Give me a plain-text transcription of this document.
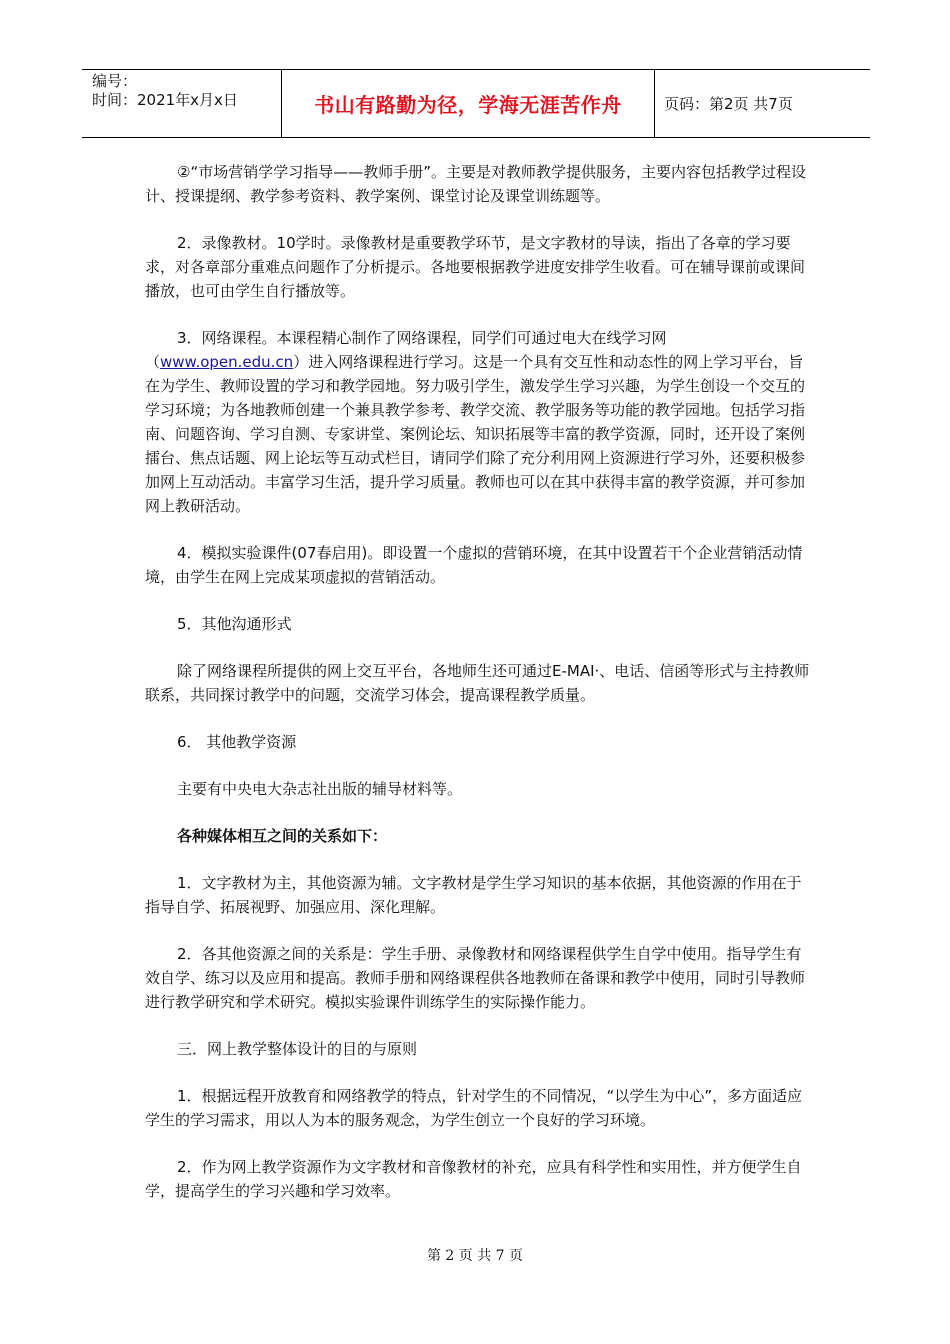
编号：
时间：2021年x月x日	书山有路勤为径，学海无涯苦作舟	页码：第2页 共7页

②“市场营销学学习指导——教师手册”。主要是对教师教学提供服务，主要内容包括教学过程设计、授课提纲、教学参考资料、教学案例、课堂讨论及课堂训练题等。

2．录像教材。10学时。录像教材是重要教学环节，是文字教材的导读，指出了各章的学习要求，对各章部分重难点问题作了分析提示。各地要根据教学进度安排学生收看。可在辅导课前或课间播放，也可由学生自行播放等。

3．网络课程。本课程精心制作了网络课程，同学们可通过电大在线学习网（www.open.edu.cn）进入网络课程进行学习。这是一个具有交互性和动态性的网上学习平台，旨在为学生、教师设置的学习和教学园地。努力吸引学生，激发学生学习兴趣，为学生创设一个交互的学习环境；为各地教师创建一个兼具教学参考、教学交流、教学服务等功能的教学园地。包括学习指南、问题咨询、学习自测、专家讲堂、案例论坛、知识拓展等丰富的教学资源，同时，还开设了案例擂台、焦点话题、网上论坛等互动式栏目，请同学们除了充分利用网上资源进行学习外，还要积极参加网上互动活动。丰富学习生活，提升学习质量。教师也可以在其中获得丰富的教学资源，并可参加网上教研活动。

4．模拟实验课件(07春启用)。即设置一个虚拟的营销环境，在其中设置若干个企业营销活动情境，由学生在网上完成某项虚拟的营销活动。

5．其他沟通形式

除了网络课程所提供的网上交互平台，各地师生还可通过E-MAI·、电话、信函等形式与主持教师联系，共同探讨教学中的问题，交流学习体会，提高课程教学质量。

6． 其他教学资源

主要有中央电大杂志社出版的辅导材料等。

各种媒体相互之间的关系如下：

1．文字教材为主，其他资源为辅。文字教材是学生学习知识的基本依据，其他资源的作用在于指导自学、拓展视野、加强应用、深化理解。

2．各其他资源之间的关系是：学生手册、录像教材和网络课程供学生自学中使用。指导学生有效自学、练习以及应用和提高。教师手册和网络课程供各地教师在备课和教学中使用，同时引导教师进行教学研究和学术研究。模拟实验课件训练学生的实际操作能力。

三．网上教学整体设计的目的与原则

1．根据远程开放教育和网络教学的特点，针对学生的不同情况，“以学生为中心”，多方面适应学生的学习需求，用以人为本的服务观念，为学生创立一个良好的学习环境。

2．作为网上教学资源作为文字教材和音像教材的补充，应具有科学性和实用性，并方便学生自学，提高学生的学习兴趣和学习效率。

第 2 页 共 7 页
